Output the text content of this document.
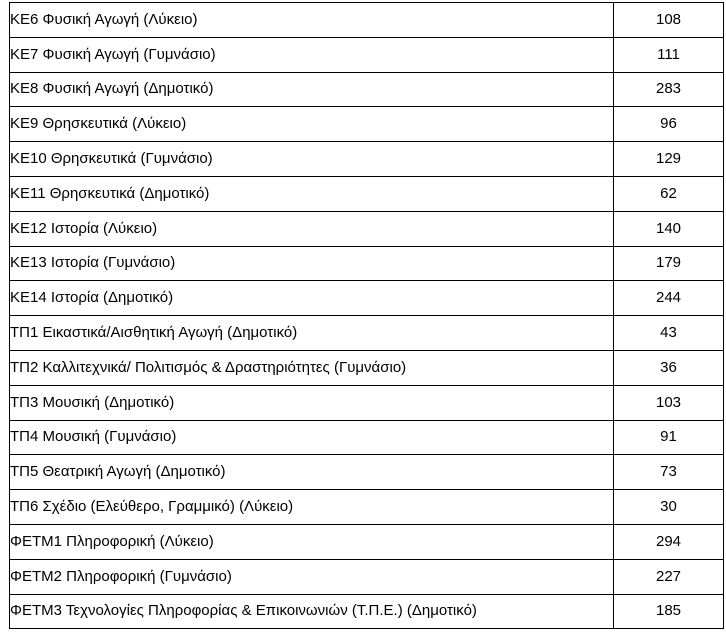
ΚΕ6 Φυσική Αγωγή (Λύκειο)	108
ΚΕ7 Φυσική Αγωγή (Γυμνάσιο)	111
ΚΕ8 Φυσική Αγωγή (Δημοτικό)	283
ΚΕ9 Θρησκευτικά (Λύκειο)	96
ΚΕ10 Θρησκευτικά (Γυμνάσιο)	129
ΚΕ11 Θρησκευτικά (Δημοτικό)	62
ΚΕ12 Ιστορία (Λύκειο)	140
ΚΕ13 Ιστορία (Γυμνάσιο)	179
ΚΕ14 Ιστορία (Δημοτικό)	244
ΤΠ1 Εικαστικά/Αισθητική Αγωγή (Δημοτικό)	43
ΤΠ2 Καλλιτεχνικά/ Πολιτισμός & Δραστηριότητες (Γυμνάσιο)	36
ΤΠ3 Μουσική (Δημοτικό)	103
ΤΠ4 Μουσική (Γυμνάσιο)	91
ΤΠ5 Θεατρική Αγωγή (Δημοτικό)	73
ΤΠ6 Σχέδιο (Ελεύθερο, Γραμμικό) (Λύκειο)	30
ΦΕΤΜ1 Πληροφορική (Λύκειο)	294
ΦΕΤΜ2 Πληροφορική (Γυμνάσιο)	227
ΦΕΤΜ3 Τεχνολογίες Πληροφορίας & Επικοινωνιών (Τ.Π.Ε.) (Δημοτικό)	185
